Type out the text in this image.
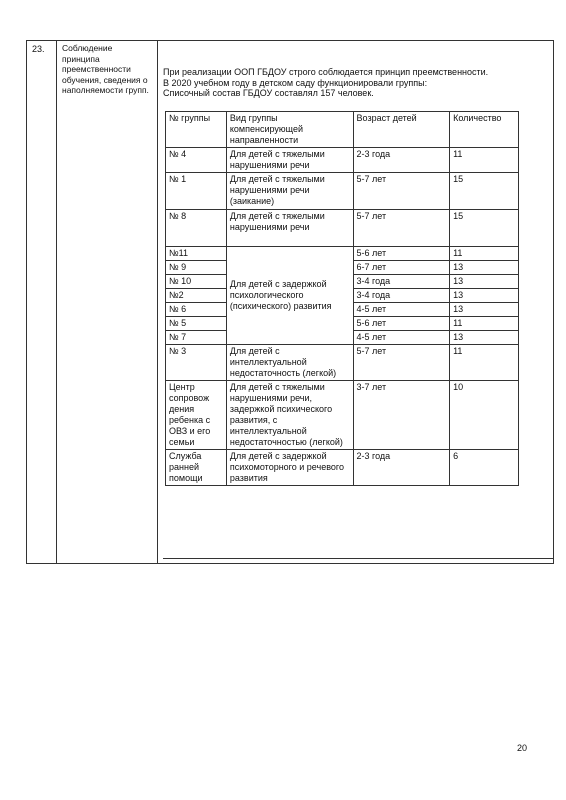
23. Соблюдение принципа преемственности обучения, сведения о наполняемости групп.
При реализации ООП ГБДОУ строго соблюдается принцип преемственности.
В 2020 учебном году в детском саду функционировали группы:
Списочный состав ГБДОУ составлял 157 человек.
№ группы	Вид группы компенсирующей направленности	Возраст детей	Количество
№ 4	Для детей с тяжелыми нарушениями речи	2-3 года	11
№ 1	Для детей с тяжелыми нарушениями речи (заикание)	5-7 лет	15
№ 8	Для детей с тяжелыми нарушениями речи	5-7 лет	15
№11	Для детей с задержкой психологического (психического) развития	5-6 лет	11
№ 9		6-7 лет	13
№ 10		3-4 года	13
№2		3-4 года	13
№ 6		4-5 лет	13
№ 5		5-6 лет	11
№ 7		4-5 лет	13
№ 3	Для детей с интеллектуальной недостаточность (легкой)	5-7 лет	11
Центр сопровож дения ребенка с ОВЗ и его семьи	Для детей с тяжелыми нарушениями речи, задержкой психического развития, с интеллектуальной недостаточностью (легкой)	3-7 лет	10
Служба ранней помощи	Для детей с задержкой психомоторного и речевого развития	2-3 года	6
20
